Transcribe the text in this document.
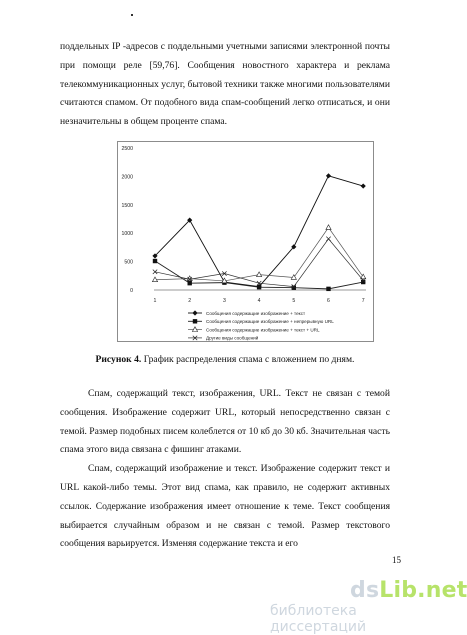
поддельных IP -адресов с поддельными учетными записями электронной почты при помощи реле [59,76]. Сообщения новостного характера и реклама телекоммуникационных услуг, бытовой техники также многими пользователями считаются спамом. От подобного вида спам-сообщений легко отписаться, и они незначительны в общем проценте спама.

0
500
1000
1500
2000
2500
1	2	3	4	5	6	7
Сообщения содержащие изображение + текст
Сообщения содержащие изображение + непрерывную URL
Сообщения содержащие изображение + текст + URL
Другие виды сообщений
Рисунок 4. График распределения спама с вложением по дням.

Спам, содержащий текст, изображения, URL. Текст не связан с темой сообщения. Изображение содержит URL, который непосредственно связан с темой. Размер подобных писем колеблется от 10 кб до 30 кб. Значительная часть спама этого вида связана с фишинг атаками.

Спам, содержащий изображение и текст. Изображение содержит текст и URL какой-либо темы. Этот вид спама, как правило, не содержит активных ссылок. Содержание изображения имеет отношение к теме. Текст сообщения выбирается случайным образом и не связан с темой. Размер текстового сообщения варьируется. Изменяя содержание текста и его

15
dsLib.net
библиотека диссертаций
